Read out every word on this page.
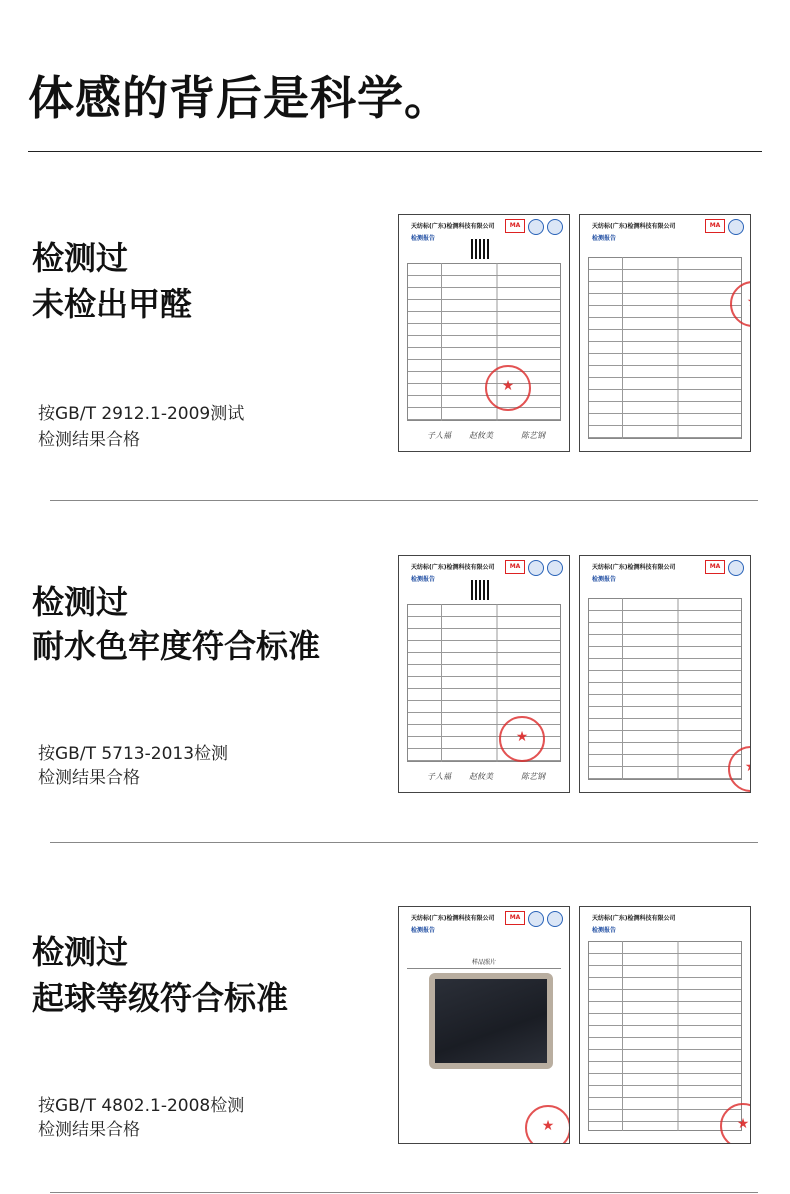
体感的背后是科学。
检测过
未检出甲醛
按GB/T 2912.1-2009测试
检测结果合格
天纺标(广东)检测科技有限公司
检测报告
MA
★
子人福 赵攸美	陈艺钢
天纺标(广东)检测科技有限公司
检测报告
MA
★
检测过
耐水色牢度符合标准
按GB/T 5713-2013检测
检测结果合格
天纺标(广东)检测科技有限公司
检测报告
MA
★
子人福 赵攸美	陈艺钢
天纺标(广东)检测科技有限公司
检测报告
MA
★
检测过
起球等级符合标准
按GB/T 4802.1-2008检测
检测结果合格
天纺标(广东)检测科技有限公司
检测报告
MA
样品照片
★
天纺标(广东)检测科技有限公司
检测报告
★
